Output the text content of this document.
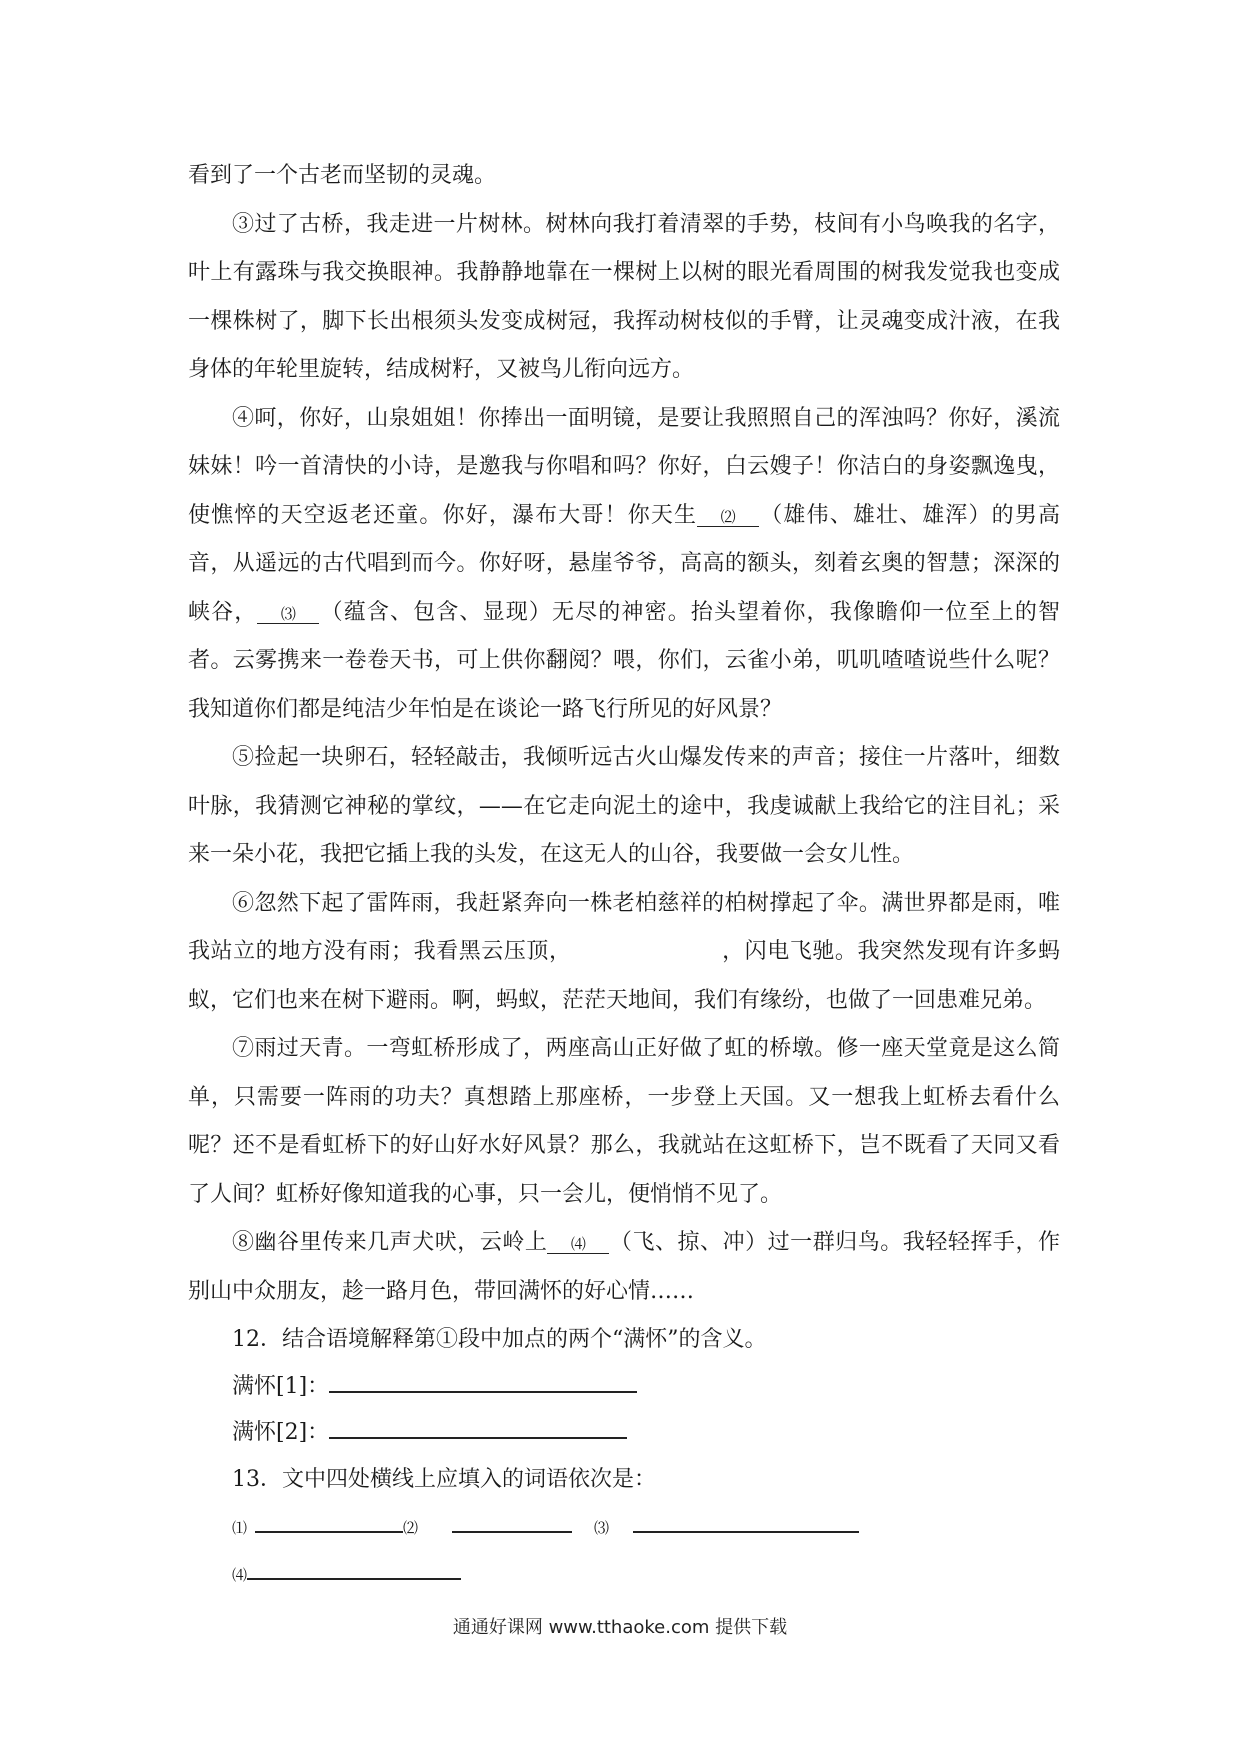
看到了一个古老而坚韧的灵魂。

③过了古桥，我走进一片树林。树林向我打着清翠的手势，枝间有小鸟唤我的名字，叶上有露珠与我交换眼神。我静静地靠在一棵树上以树的眼光看周围的树我发觉我也变成一棵株树了，脚下长出根须头发变成树冠，我挥动树枝似的手臂，让灵魂变成汁液，在我身体的年轮里旋转，结成树籽，又被鸟儿衔向远方。

④呵，你好，山泉姐姐！你捧出一面明镜，是要让我照照自己的浑浊吗？你好，溪流妹妹！吟一首清快的小诗，是邀我与你唱和吗？你好，白云嫂子！你洁白的身姿飘逸曳，使憔悴的天空返老还童。你好，瀑布大哥！你天生 ⑵ （雄伟、雄壮、雄浑）的男高音，从遥远的古代唱到而今。你好呀，悬崖爷爷，高高的额头，刻着玄奥的智慧；深深的峡谷， ⑶ （蕴含、包含、显现）无尽的神密。抬头望着你，我像瞻仰一位至上的智者。云雾携来一卷卷天书，可上供你翻阅？喂，你们，云雀小弟，叽叽喳喳说些什么呢？我知道你们都是纯洁少年怕是在谈论一路飞行所见的好风景？

⑤捡起一块卵石，轻轻敲击，我倾听远古火山爆发传来的声音；接住一片落叶，细数叶脉，我猜测它神秘的掌纹，——在它走向泥土的途中，我虔诚献上我给它的注目礼；采来一朵小花，我把它插上我的头发，在这无人的山谷，我要做一会女儿性。

⑥忽然下起了雷阵雨，我赶紧奔向一株老柏慈祥的柏树撑起了伞。满世界都是雨，唯我站立的地方没有雨；我看黑云压顶，	，闪电飞驰。我突然发现有许多蚂蚁，它们也来在树下避雨。啊，蚂蚁，茫茫天地间，我们有缘纷，也做了一回患难兄弟。

⑦雨过天青。一弯虹桥形成了，两座高山正好做了虹的桥墩。修一座天堂竟是这么简单，只需要一阵雨的功夫？真想踏上那座桥，一步登上天国。又一想我上虹桥去看什么呢？还不是看虹桥下的好山好水好风景？那么，我就站在这虹桥下，岂不既看了天同又看了人间？虹桥好像知道我的心事，只一会儿，便悄悄不见了。

⑧幽谷里传来几声犬吠，云岭上 ⑷ （飞、掠、冲）过一群归鸟。我轻轻挥手，作别山中众朋友，趁一路月色，带回满怀的好心情……

12．结合语境解释第①段中加点的两个“满怀”的含义。

满怀[1]：

满怀[2]：

13．文中四处横线上应填入的词语依次是：

⑴	⑵	⑶

⑷

通通好课网 www.tthaoke.com 提供下载
